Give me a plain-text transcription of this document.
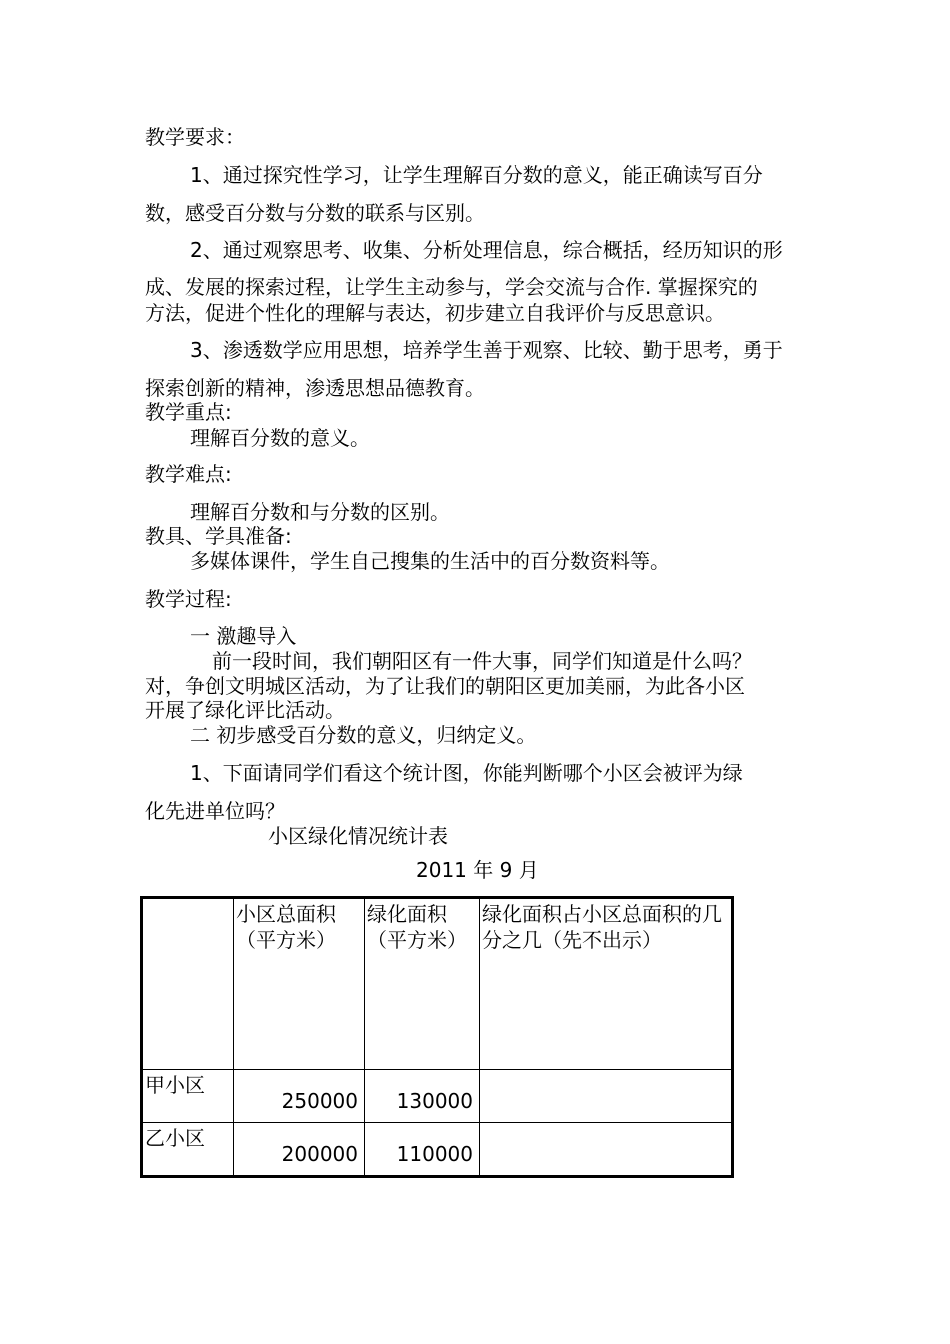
教学要求：
1、通过探究性学习，让学生理解百分数的意义，能正确读写百分
数，感受百分数与分数的联系与区别。
2、通过观察思考、收集、分析处理信息，综合概括，经历知识的形
成、发展的探索过程，让学生主动参与，学会交流与合作. 掌握探究的
方法，促进个性化的理解与表达，初步建立自我评价与反思意识。
3、渗透数学应用思想，培养学生善于观察、比较、勤于思考，勇于
探索创新的精神，渗透思想品德教育。
教学重点:
理解百分数的意义。
教学难点:
理解百分数和与分数的区别。
教具、学具准备:
多媒体课件，学生自己搜集的生活中的百分数资料等。
教学过程:
一 激趣导入
前一段时间，我们朝阳区有一件大事，同学们知道是什么吗？
对，争创文明城区活动，为了让我们的朝阳区更加美丽，为此各小区
开展了绿化评比活动。
二 初步感受百分数的意义，归纳定义。
1、下面请同学们看这个统计图，你能判断哪个小区会被评为绿
化先进单位吗？
小区绿化情况统计表
2011 年 9 月
	小区总面积（平方米）	绿化面积（平方米）	绿化面积占小区总面积的几分之几（先不出示）
甲小区	250000	130000	
乙小区	200000	110000	
